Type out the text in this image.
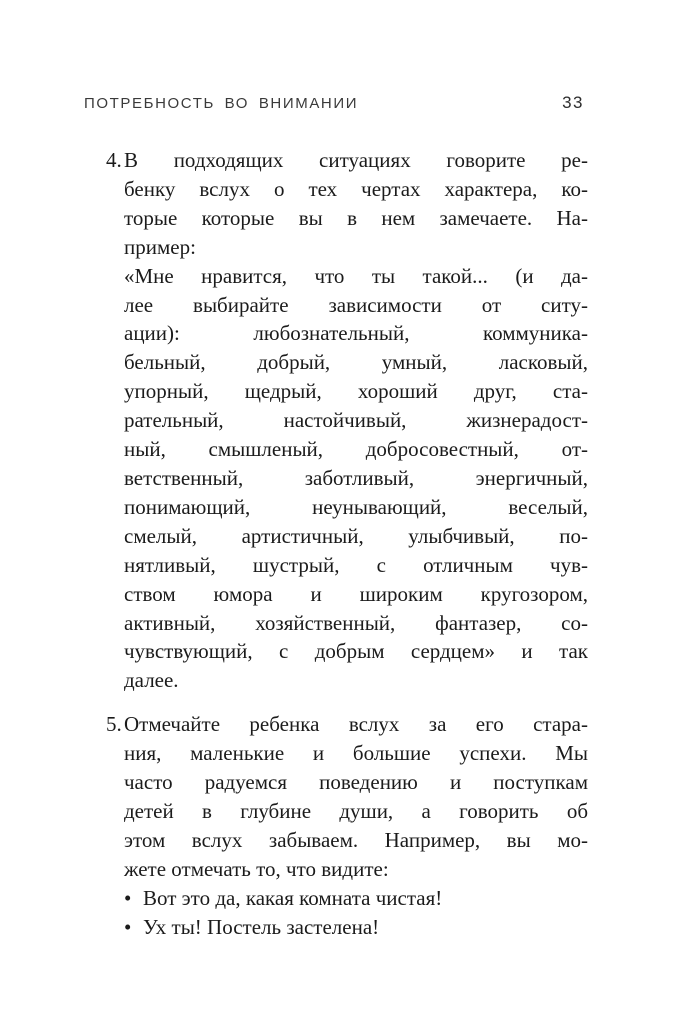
ПОТРЕБНОСТЬ ВО ВНИМАНИИ	33
4. В подходящих ситуациях говорите ре-
бенку вслух о тех чертах характера, ко-
торые которые вы в нем замечаете. На-
пример:
«Мне нравится, что ты такой... (и да-
лее выбирайте зависимости от ситу-
ации): любознательный, коммуника-
бельный, добрый, умный, ласковый,
упорный, щедрый, хороший друг, ста-
рательный, настойчивый, жизнерадост-
ный, смышленый, добросовестный, от-
ветственный, заботливый, энергичный,
понимающий, неунывающий, веселый,
смелый, артистичный, улыбчивый, по-
нятливый, шустрый, с отличным чув-
ством юмора и широким кругозором,
активный, хозяйственный, фантазер, со-
чувствующий, с добрым сердцем» и так
далее.
5. Отмечайте ребенка вслух за его стара-
ния, маленькие и большие успехи. Мы
часто радуемся поведению и поступкам
детей в глубине души, а говорить об
этом вслух забываем. Например, вы мо-
жете отмечать то, что видите:
• Вот это да, какая комната чистая!
• Ух ты! Постель застелена!
